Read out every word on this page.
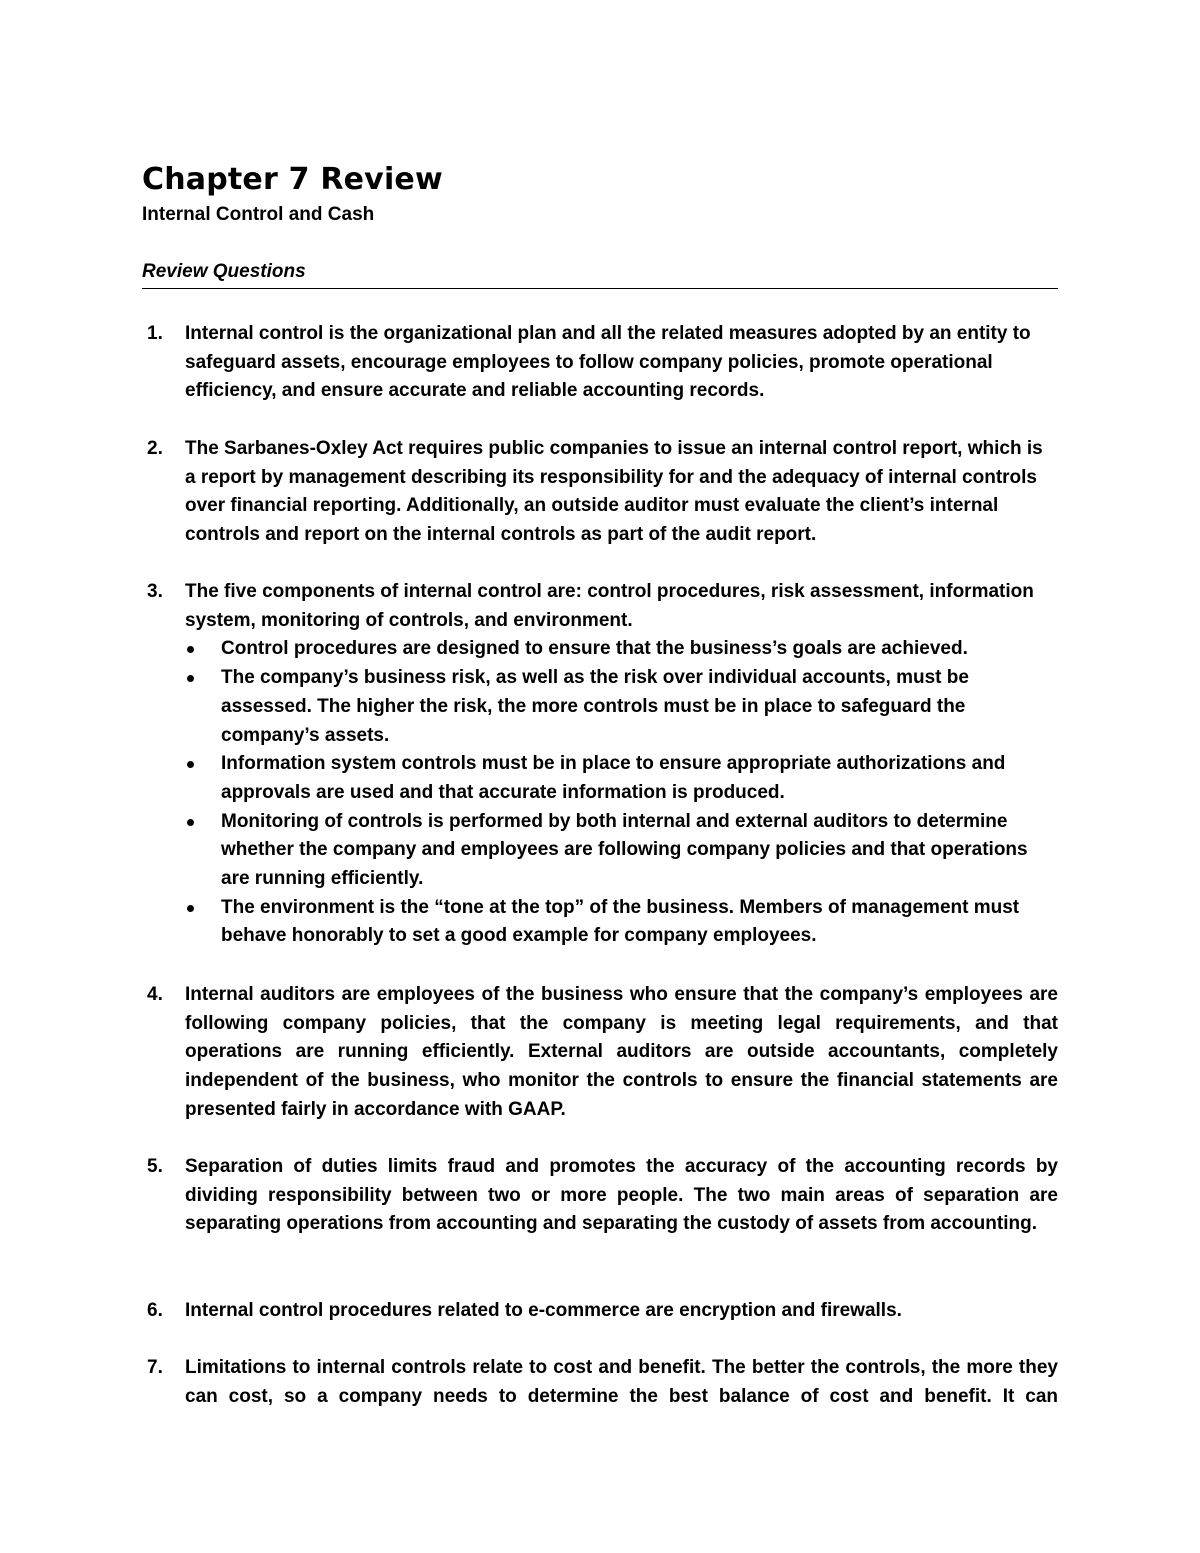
Chapter 7 Review
Internal Control and Cash
Review Questions
1. Internal control is the organizational plan and all the related measures adopted by an entity to safeguard assets, encourage employees to follow company policies, promote operational efficiency, and ensure accurate and reliable accounting records.
2. The Sarbanes-Oxley Act requires public companies to issue an internal control report, which is a report by management describing its responsibility for and the adequacy of internal controls over financial reporting. Additionally, an outside auditor must evaluate the client’s internal controls and report on the internal controls as part of the audit report.
3. The five components of internal control are: control procedures, risk assessment, information system, monitoring of controls, and environment.
Control procedures are designed to ensure that the business’s goals are achieved.
The company’s business risk, as well as the risk over individual accounts, must be assessed. The higher the risk, the more controls must be in place to safeguard the company’s assets.
Information system controls must be in place to ensure appropriate authorizations and approvals are used and that accurate information is produced.
Monitoring of controls is performed by both internal and external auditors to determine whether the company and employees are following company policies and that operations are running efficiently.
The environment is the “tone at the top” of the business. Members of management must behave honorably to set a good example for company employees.
4. Internal auditors are employees of the business who ensure that the company’s employees are following company policies, that the company is meeting legal requirements, and that operations are running efficiently. External auditors are outside accountants, completely independent of the business, who monitor the controls to ensure the financial statements are presented fairly in accordance with GAAP.
5. Separation of duties limits fraud and promotes the accuracy of the accounting records by dividing responsibility between two or more people. The two main areas of separation are separating operations from accounting and separating the custody of assets from accounting.
6. Internal control procedures related to e-commerce are encryption and firewalls.
7. Limitations to internal controls relate to cost and benefit. The better the controls, the more they can cost, so a company needs to determine the best balance of cost and benefit. It can
